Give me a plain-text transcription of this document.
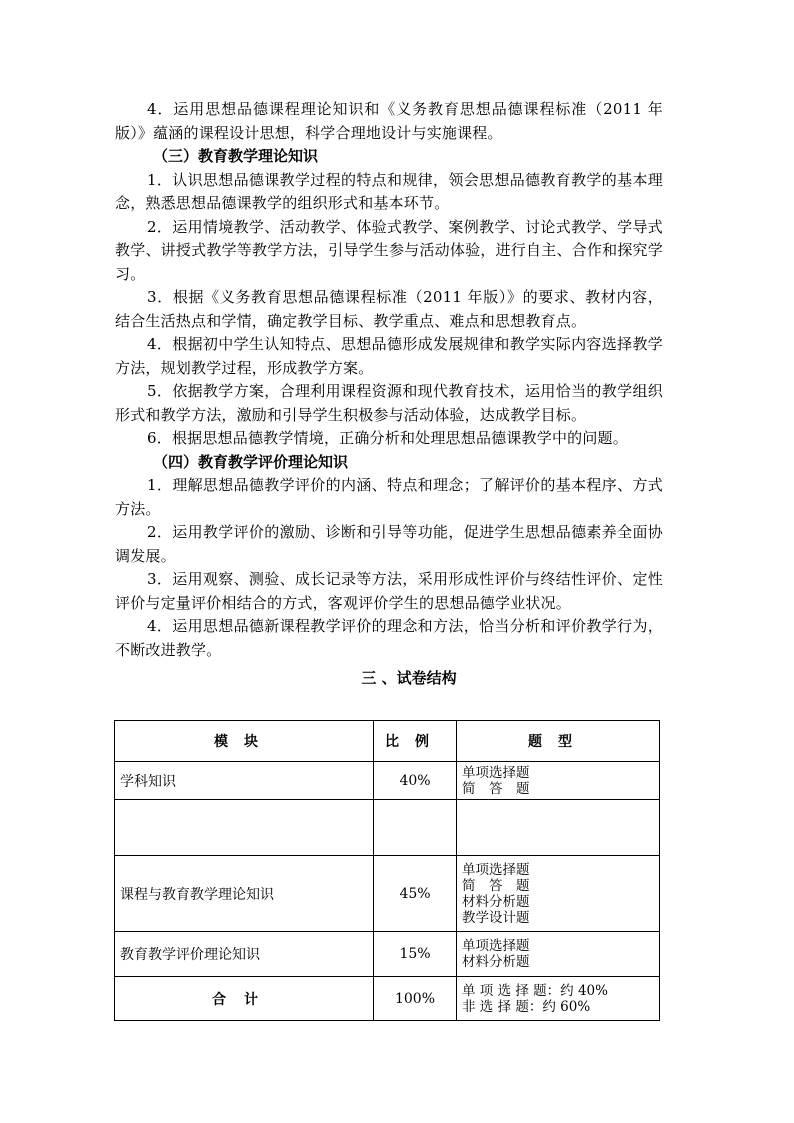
4．运用思想品德课程理论知识和《义务教育思想品德课程标准（2011 年版）》蕴涵的课程设计思想，科学合理地设计与实施课程。

（三）教育教学理论知识

1．认识思想品德课教学过程的特点和规律，领会思想品德教育教学的基本理念，熟悉思想品德课教学的组织形式和基本环节。

2．运用情境教学、活动教学、体验式教学、案例教学、讨论式教学、学导式教学、讲授式教学等教学方法，引导学生参与活动体验，进行自主、合作和探究学习。

3．根据《义务教育思想品德课程标准（2011 年版）》的要求、教材内容，结合生活热点和学情，确定教学目标、教学重点、难点和思想教育点。

4．根据初中学生认知特点、思想品德形成发展规律和教学实际内容选择教学方法，规划教学过程，形成教学方案。

5．依据教学方案，合理利用课程资源和现代教育技术，运用恰当的教学组织形式和教学方法，激励和引导学生积极参与活动体验，达成教学目标。

6．根据思想品德教学情境，正确分析和处理思想品德课教学中的问题。

（四）教育教学评价理论知识

1．理解思想品德教学评价的内涵、特点和理念；了解评价的基本程序、方式方法。

2．运用教学评价的激励、诊断和引导等功能，促进学生思想品德素养全面协调发展。

3．运用观察、测验、成长记录等方法，采用形成性评价与终结性评价、定性评价与定量评价相结合的方式，客观评价学生的思想品德学业状况。

4．运用思想品德新课程教学评价的理念和方法，恰当分析和评价教学行为，不断改进教学。

三 、试卷结构

模块	比例	题型
学科知识	40%	单项选择题
简　答　题

课程与教育教学理论知识	45%	单项选择题
简　答　题
材料分析题
教学设计题

教育教学评价理论知识	15%	单项选择题
材料分析题

合计	100%	单 项 选 择 题：约 40%
非 选 择 题：约 60%
